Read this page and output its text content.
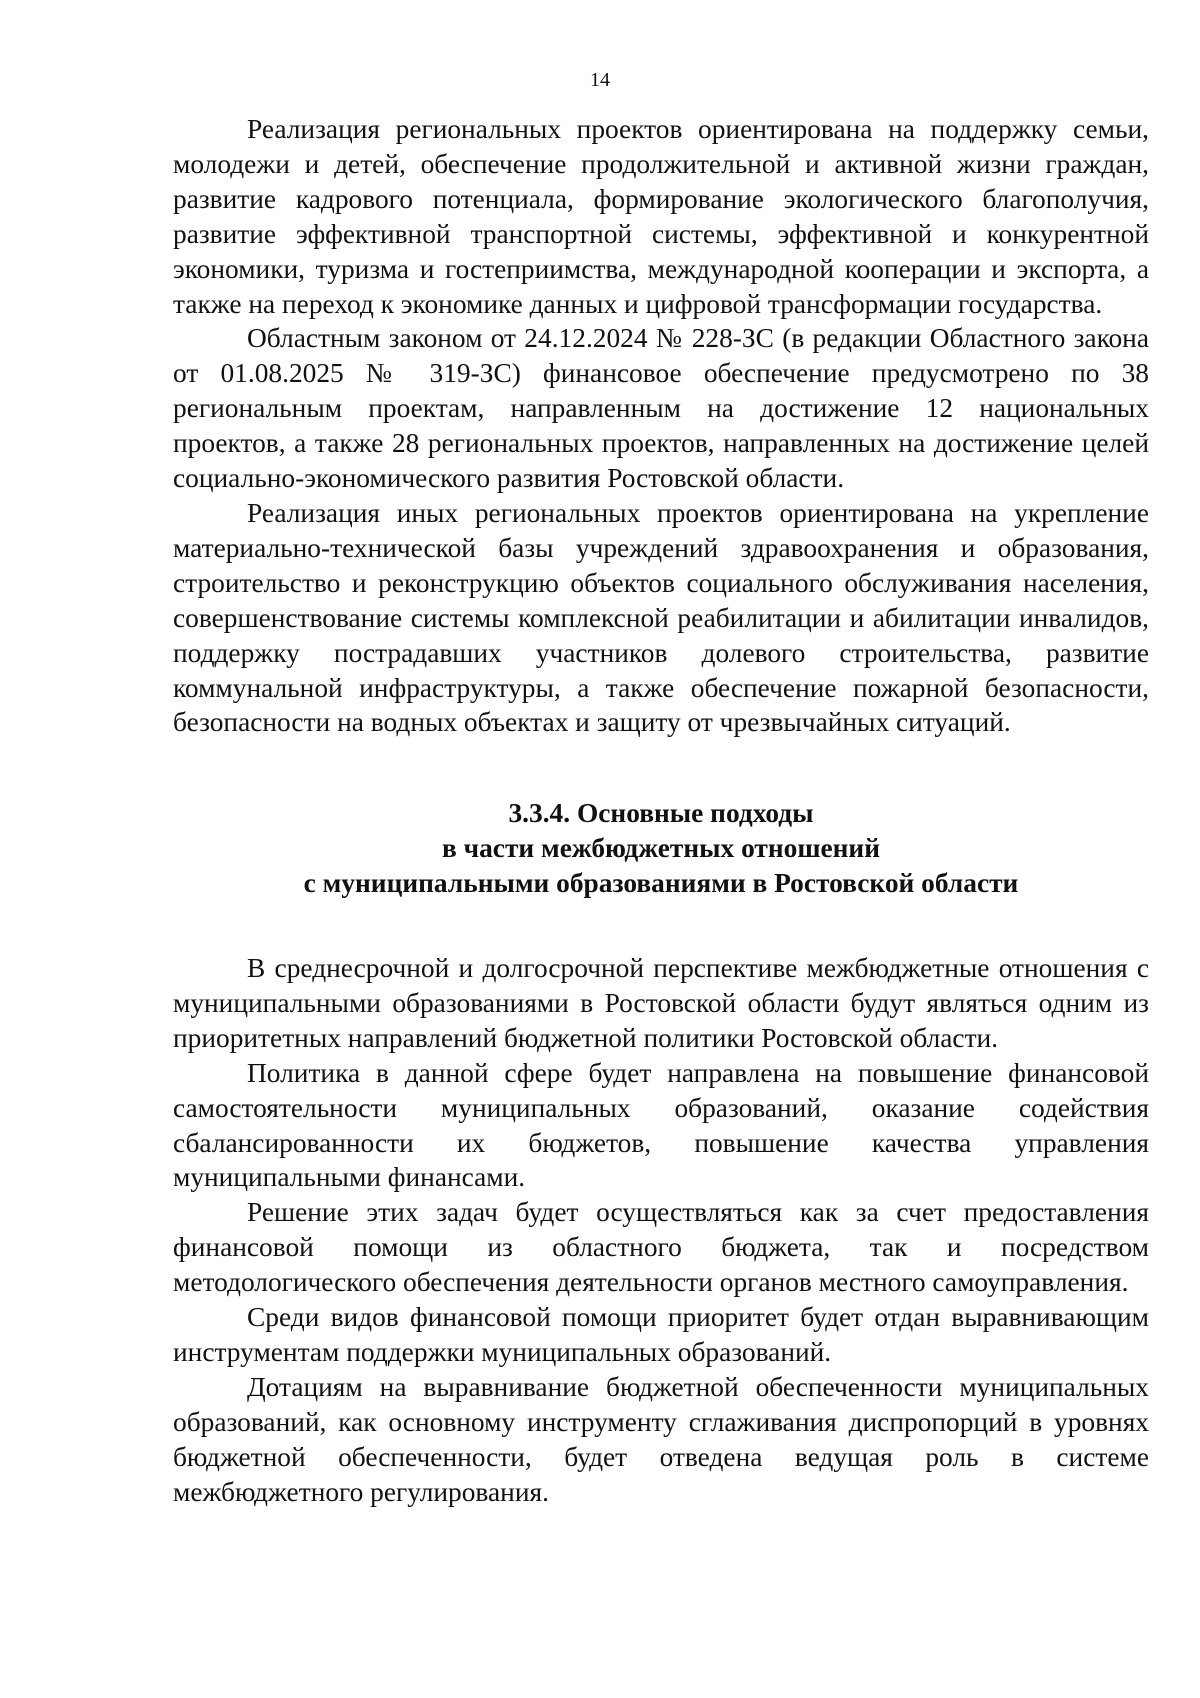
14

Реализация региональных проектов ориентирована на поддержку семьи, молодежи и детей, обеспечение продолжительной и активной жизни граждан, развитие кадрового потенциала, формирование экологического благополучия, развитие эффективной транспортной системы, эффективной и конкурентной экономики, туризма и гостеприимства, международной кооперации и экспорта, а также на переход к экономике данных и цифровой трансформации государства.

Областным законом от 24.12.2024 № 228-ЗС (в редакции Областного закона от 01.08.2025 № 319-ЗС) финансовое обеспечение предусмотрено по 38 региональным проектам, направленным на достижение 12 национальных проектов, а также 28 региональных проектов, направленных на достижение целей социально-экономического развития Ростовской области.

Реализация иных региональных проектов ориентирована на укрепление материально-технической базы учреждений здравоохранения и образования, строительство и реконструкцию объектов социального обслуживания населения, совершенствование системы комплексной реабилитации и абилитации инвалидов, поддержку пострадавших участников долевого строительства, развитие коммунальной инфраструктуры, а также обеспечение пожарной безопасности, безопасности на водных объектах и защиту от чрезвычайных ситуаций.

3.3.4. Основные подходы
в части межбюджетных отношений
с муниципальными образованиями в Ростовской области

В среднесрочной и долгосрочной перспективе межбюджетные отношения с муниципальными образованиями в Ростовской области будут являться одним из приоритетных направлений бюджетной политики Ростовской области.

Политика в данной сфере будет направлена на повышение финансовой самостоятельности муниципальных образований, оказание содействия сбалансированности их бюджетов, повышение качества управления муниципальными финансами.

Решение этих задач будет осуществляться как за счет предоставления финансовой помощи из областного бюджета, так и посредством методологического обеспечения деятельности органов местного самоуправления.

Среди видов финансовой помощи приоритет будет отдан выравнивающим инструментам поддержки муниципальных образований.

Дотациям на выравнивание бюджетной обеспеченности муниципальных образований, как основному инструменту сглаживания диспропорций в уровнях бюджетной обеспеченности, будет отведена ведущая роль в системе межбюджетного регулирования.
